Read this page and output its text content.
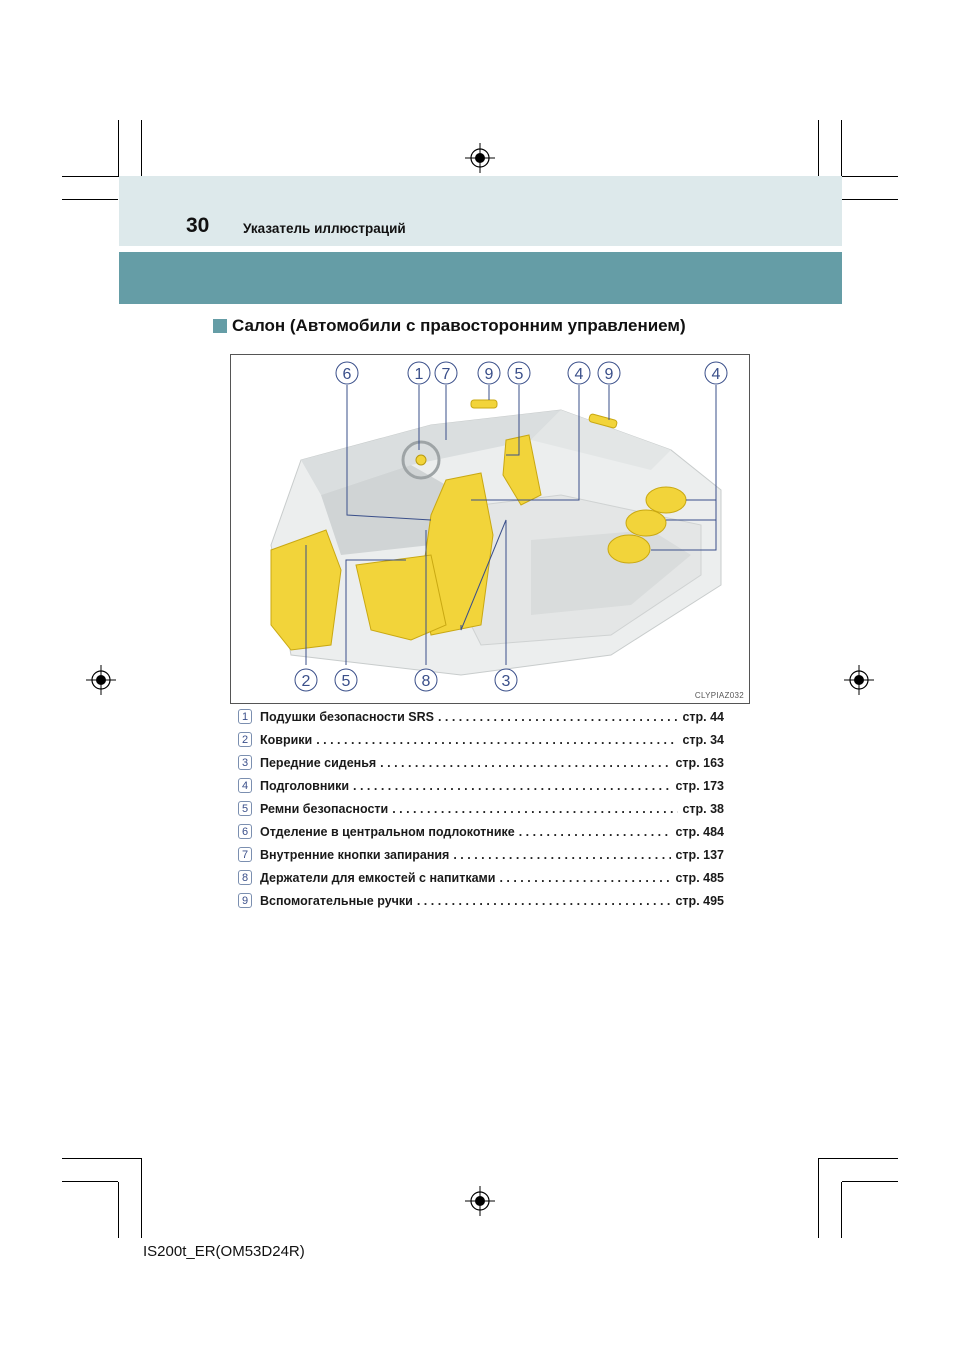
30 Указатель иллюстраций
Салон (Автомобили с правосторонним управлением)
6	1 7 9 5	4 9	4
2 5	8	3
CLYPIAZ032
1 Подушки безопасности SRS . . .	стр. 44
2 Коврики . . .	стр. 34
3 Передние сиденья . . .	стр. 163
4 Подголовники . . .	стр. 173
5 Ремни безопасности . . .	стр. 38
6 Отделение в центральном подлокотнике . . .	стр. 484
7 Внутренние кнопки запирания . . .	стр. 137
8 Держатели для емкостей с напитками . . .	стр. 485
9 Вспомогательные ручки . . .	стр. 495
IS200t_ER(OM53D24R)
